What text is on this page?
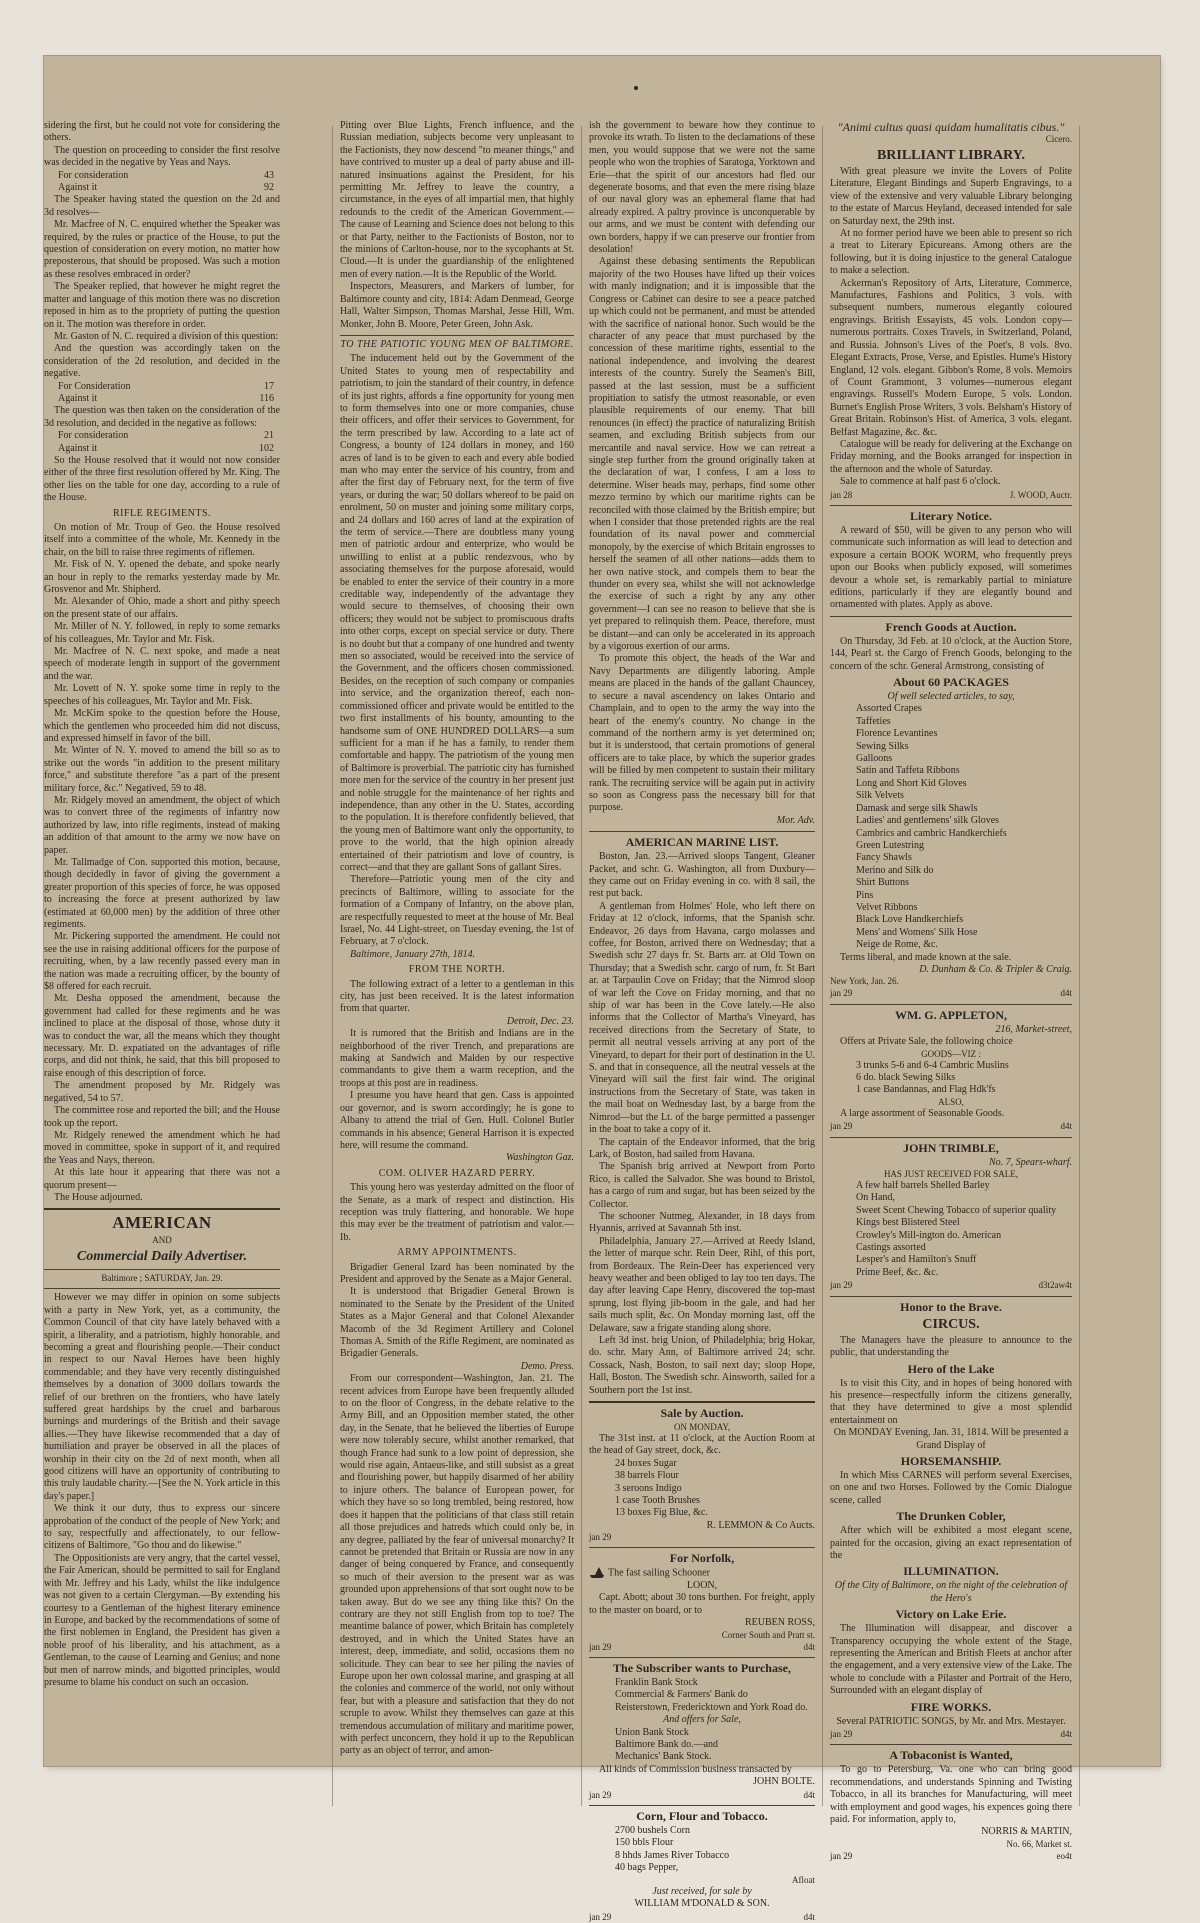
sidering the first, but he could not vote for considering the others.

The question on proceeding to consider the first resolve was decided in the negative by Yeas and Nays.

For consideration	43
Against it	92

The Speaker having stated the question on the 2d and 3d resolves—

Mr. Macfree of N. C. enquired whether the Speaker was required, by the rules or practice of the House, to put the question of consideration on every motion, no matter how preposterous, that should be proposed. Was such a motion as these resolves embraced in order?

The Speaker replied, that however he might regret the matter and language of this motion there was no discretion reposed in him as to the propriety of putting the question on it. The motion was therefore in order.

Mr. Gaston of N. C. required a division of this question:

And the question was accordingly taken on the consideration of the 2d resolution, and decided in the negative.

For Consideration	17
Against it	116

The question was then taken on the consideration of the 3d resolution, and decided in the negative as follows:

For consideration	21
Against it	102

So the House resolved that it would not now consider either of the three first resolution offered by Mr. King. The other lies on the table for one day, according to a rule of the House.

RIFLE REGIMENTS.

On motion of Mr. Troup of Geo. the House resolved itself into a committee of the whole, Mr. Kennedy in the chair, on the bill to raise three regiments of riflemen.

Mr. Fisk of N. Y. opened the debate, and spoke nearly an hour in reply to the remarks yesterday made by Mr. Grosvenor and Mr. Shipherd.

Mr. Alexander of Ohio, made a short and pithy speech on the present state of our affairs.

Mr. Miller of N. Y. followed, in reply to some remarks of his colleagues, Mr. Taylor and Mr. Fisk.

Mr. Macfree of N. C. next spoke, and made a neat speech of moderate length in support of the government and the war.

Mr. Lovett of N. Y. spoke some time in reply to the speeches of his colleagues, Mr. Taylor and Mr. Fisk.

Mr. McKim spoke to the question before the House, which the gentlemen who proceeded him did not discuss, and expressed himself in favor of the bill.

Mr. Winter of N. Y. moved to amend the bill so as to strike out the words "in addition to the present military force," and substitute therefore "as a part of the present military force, &c." Negatived, 59 to 48.

Mr. Ridgely moved an amendment, the object of which was to convert three of the regiments of infantry now authorized by law, into rifle regiments, instead of making an addition of that amount to the army we now have on paper.

Mr. Tallmadge of Con. supported this motion, because, though decidedly in favor of giving the government a greater proportion of this species of force, he was opposed to increasing the force at present authorized by law (estimated at 60,000 men) by the addition of three other regiments.

Mr. Pickering supported the amendment. He could not see the use in raising additional officers for the purpose of recruiting, when, by a law recently passed every man in the nation was made a recruiting officer, by the bounty of $8 offered for each recruit.

Mr. Desha opposed the amendment, because the government had called for these regiments and he was inclined to place at the disposal of those, whose duty it was to conduct the war, all the means which they thought necessary. Mr. D. expatiated on the advantages of rifle corps, and did not think, he said, that this bill proposed to raise enough of this description of force.

The amendment proposed by Mr. Ridgely was negatived, 54 to 57.

The committee rose and reported the bill; and the House took up the report.

Mr. Ridgely renewed the amendment which he had moved in committee, spoke in support of it, and required the Yeas and Nays, thereon.

At this late hour it appearing that there was not a quorum present—

The House adjourned.

AMERICAN
AND
Commercial Daily Advertiser.
Baltimore ; SATURDAY, Jan. 29.

However we may differ in opinion on some subjects with a party in New York, yet, as a community, the Common Council of that city have lately behaved with a spirit, a liberality, and a patriotism, highly honorable, and becoming a great and flourishing people.—Their conduct in respect to our Naval Heroes have been highly commendable; and they have very recently distinguished themselves by a donation of 3000 dollars towards the relief of our brethren on the frontiers, who have lately suffered great hardships by the cruel and barbarous burnings and murderings of the British and their savage allies.—They have likewise recommended that a day of humiliation and prayer be observed in all the places of worship in their city on the 2d of next month, when all good citizens will have an opportunity of contributing to this truly laudable charity.—[See the N. York article in this day's paper.]

We think it our duty, thus to express our sincere approbation of the conduct of the people of New York; and to say, respectfully and affectionately, to our fellow-citizens of Baltimore, "Go thou and do likewise."

The Oppositionists are very angry, that the cartel vessel, the Fair American, should be permitted to sail for England with Mr. Jeffrey and his Lady, whilst the like indulgence was not given to a certain Clergyman.—By extending his courtesy to a Gentleman of the highest literary eminence in Europe, and backed by the recommendations of some of the first noblemen in England, the President has given a noble proof of his liberality, and his attachment, as a Gentleman, to the cause of Learning and Genius; and none but men of narrow minds, and bigotted principles, would presume to blame his conduct on such an occasion.

Pitting over Blue Lights, French influence, and the Russian mediation, subjects become very unpleasant to the Factionists, they now descend "to meaner things," and have contrived to muster up a deal of party abuse and ill-natured insinuations against the President, for his permitting Mr. Jeffrey to leave the country, a circumstance, in the eyes of all impartial men, that highly redounds to the credit of the American Government.—The cause of Learning and Science does not belong to this or that Party, neither to the Factionists of Boston, nor to the minions of Carlton-house, nor to the sycophants at St. Cloud.—It is under the guardianship of the enlightened men of every nation.—It is the Republic of the World.

Inspectors, Measurers, and Markers of lumber, for Baltimore county and city, 1814: Adam Denmead, George Hall, Walter Simpson, Thomas Marshal, Jesse Hill, Wm. Monker, John B. Moore, Peter Green, John Ask.

TO THE PATIOTIC YOUNG MEN OF BALTIMORE.

The inducement held out by the Government of the United States to young men of respectability and patriotism, to join the standard of their country, in defence of its just rights, affords a fine opportunity for young men to form themselves into one or more companies, chuse their officers, and offer their services to Government, for the term prescribed by law. According to a late act of Congress, a bounty of 124 dollars in money, and 160 acres of land is to be given to each and every able bodied man who may enter the service of his country, from and after the first day of February next, for the term of five years, or during the war; 50 dollars whereof to be paid on enrolment, 50 on muster and joining some military corps, and 24 dollars and 160 acres of land at the expiration of the term of service.—There are doubtless many young men of patriotic ardour and enterprize, who would be unwilling to enlist at a public rendezvous, who by associating themselves for the purpose aforesaid, would be enabled to enter the service of their country in a more creditable way, independently of the advantage they would secure to themselves, of choosing their own officers; they would not be subject to promiscuous drafts into other corps, except on special service or duty. There is no doubt but that a company of one hundred and twenty men so associated, would be received into the service of the Government, and the officers chosen commissioned. Besides, on the reception of such company or companies into service, and the organization thereof, each non-commissioned officer and private would be entitled to the two first installments of his bounty, amounting to the handsome sum of ONE HUNDRED DOLLARS—a sum sufficient for a man if he has a family, to render them comfortable and happy. The patriotism of the young men of Baltimore is proverbial. The patriotic city has furnished more men for the service of the country in her present just and noble struggle for the maintenance of her rights and independence, than any other in the U. States, according to the population. It is therefore confidently believed, that the young men of Baltimore want only the opportunity, to prove to the world, that the high opinion already entertained of their patriotism and love of country, is correct—and that they are gallant Sons of gallant Sires.

Therefore—Patriotic young men of the city and precincts of Baltimore, willing to associate for the formation of a Company of Infantry, on the above plan, are respectfully requested to meet at the house of Mr. Beal Israel, No. 44 Light-street, on Tuesday evening, the 1st of February, at 7 o'clock.

Baltimore, January 27th, 1814.

FROM THE NORTH.

The following extract of a letter to a gentleman in this city, has just been received. It is the latest information from that quarter.

Detroit, Dec. 23.

It is rumored that the British and Indians are in the neighborhood of the river Trench, and preparations are making at Sandwich and Malden by our respective commandants to give them a warm reception, and the troops at this post are in readiness.

I presume you have heard that gen. Cass is appointed our governor, and is sworn accordingly; he is gone to Albany to attend the trial of Gen. Hull. Colonel Butler commands in his absence; General Harrison it is expected here, will resume the command.

Washington Gaz.

COM. OLIVER HAZARD PERRY.

This young hero was yesterday admitted on the floor of the Senate, as a mark of respect and distinction. His reception was truly flattering, and honorable. We hope this may ever be the treatment of patriotism and valor.—Ib.

ARMY APPOINTMENTS.

Brigadier General Izard has been nominated by the President and approved by the Senate as a Major General.

It is understood that Brigadier General Brown is nominated to the Senate by the President of the United States as a Major General and that Colonel Alexander Macomb of the 3d Regiment Artillery and Colonel Thomas A. Smith of the Rifle Regiment, are nominated as Brigadier Generals.

Demo. Press.

From our correspondent—Washington, Jan. 21. The recent advices from Europe have been frequently alluded to on the floor of Congress, in the debate relative to the Army Bill, and an Opposition member stated, the other day, in the Senate, that he believed the liberties of Europe were now tolerably secure, whilst another remarked, that though France had sunk to a low point of depression, she would rise again, Antaeus-like, and still subsist as a great and flourishing power, but happily disarmed of her ability to injure others. The balance of European power, for which they have so so long trembled, being restored, how does it happen that the politicians of that class still retain all those prejudices and hatreds which could only be, in any degree, palliated by the fear of universal monarchy? It cannot be pretended that Britain or Russia are now in any danger of being conquered by France, and consequently so much of their aversion to the present war as was grounded upon apprehensions of that sort ought now to be taken away. But do we see any thing like this? On the contrary are they not still English from top to toe? The meantime balance of power, which Britain has completely destroyed, and in which the United States have an interest, deep, immediate, and solid, occasions them no solicitude. They can bear to see her piling the navies of Europe upon her own colossal marine, and grasping at all the colonies and commerce of the world, not only without fear, but with a pleasure and satisfaction that they do not scruple to avow. Whilst they themselves can gaze at this tremendous accumulation of military and maritime power, with perfect unconcern, they hold it up to the Republican party as an object of terror, and amon-

ish the government to beware how they continue to provoke its wrath. To listen to the declamations of these men, you would suppose that we were not the same people who won the trophies of Saratoga, Yorktown and Erie—that the spirit of our ancestors had fled our degenerate bosoms, and that even the mere rising blaze of our naval glory was an ephemeral flame that had already expired. A paltry province is unconquerable by our arms, and we must be content with defending our own borders, happy if we can preserve our frontier from desolation!

Against these debasing sentiments the Republican majority of the two Houses have lifted up their voices with manly indignation; and it is impossible that the Congress or Cabinet can desire to see a peace patched up which could not be permanent, and must be attended with the sacrifice of national honor. Such would be the character of any peace that must purchased by the concession of these maritime rights, essential to the national independence, and involving the dearest interests of the country. Surely the Seamen's Bill, passed at the last session, must be a sufficient propitiation to satisfy the utmost reasonable, or even plausible requirements of our enemy. That bill renounces (in effect) the practice of naturalizing British seamen, and excluding British subjects from our mercantile and naval service. How we can retreat a single step further from the ground originally taken at the declaration of war, I confess, I am a loss to determine. Wiser heads may, perhaps, find some other mezzo termino by which our maritime rights can be reconciled with those claimed by the British empire; but when I consider that those pretended rights are the real foundation of its naval power and commercial monopoly, by the exercise of which Britain engrosses to herself the seamen of all other nations—adds them to her own native stock, and compels them to bear the thunder on every sea, whilst she will not acknowledge the exercise of such a right by any any other government—I can see no reason to believe that she is yet prepared to relinquish them. Peace, therefore, must be distant—and can only be accelerated in its approach by a vigorous exertion of our arms.

To promote this object, the heads of the War and Navy Departments are diligently laboring. Ample means are placed in the hands of the gallant Chauncey, to secure a naval ascendency on lakes Ontario and Champlain, and to open to the army the way into the heart of the enemy's country. No change in the command of the northern army is yet determined on; but it is understood, that certain promotions of general officers are to take place, by which the superior grades will be filled by men competent to sustain their military rank. The recruiting service will be again put in activity so soon as Congress pass the necessary bill for that purpose.

Mor. Adv.

AMERICAN MARINE LIST.

Boston, Jan. 23.—Arrived sloops Tangent, Gleaner Packet, and schr. G. Washington, all from Duxbury—they came out on Friday evening in co. with 8 sail, the rest put back.

A gentleman from Holmes' Hole, who left there on Friday at 12 o'clock, informs, that the Spanish schr. Endeavor, 26 days from Havana, cargo molasses and coffee, for Boston, arrived there on Wednesday; that a Swedish schr 27 days fr. St. Barts arr. at Old Town on Thursday; that a Swedish schr. cargo of rum, fr. St Bart ar. at Tarpaulin Cove on Friday; that the Nimrod sloop of war left the Cove on Friday morning, and that no ship of war has been in the Cove lately.—He also informs that the Collector of Martha's Vineyard, has received directions from the Secretary of State, to permit all neutral vessels arriving at any port of the Vineyard, to depart for their port of destination in the U. S. and that in consequence, all the neutral vessels at the Vineyard will sail the first fair wind. The original instructions from the Secretary of State, was taken in the mail boat on Wednesday last, by a barge from the Nimrod—but the Lt. of the barge permitted a passenger in the boat to take a copy of it.

The captain of the Endeavor informed, that the brig Lark, of Boston, had sailed from Havana.

The Spanish brig arrived at Newport from Porto Rico, is called the Salvador. She was bound to Bristol, has a cargo of rum and sugar, but has been seized by the Collector.

The schooner Nutmeg, Alexander, in 18 days from Hyannis, arrived at Savannah 5th inst.

Philadelphia, January 27.—Arrived at Reedy Island, the letter of marque schr. Rein Deer, Rihl, of this port, from Bordeaux. The Rein-Deer has experienced very heavy weather and been obliged to lay too ten days. The day after leaving Cape Henry, discovered the top-mast sprung, lost flying jib-boom in the gale, and had her sails much split, &c. On Monday morning last, off the Delaware, saw a frigate standing along shore.

Left 3d inst. brig Union, of Philadelphia; brig Hokar, do. schr. Mary Ann, of Baltimore arrived 24; schr. Cossack, Nash, Boston, to sail next day; sloop Hope, Hall, Boston. The Swedish schr. Ainsworth, sailed for a Southern port the 1st inst.

Sale by Auction.
ON MONDAY,

The 31st inst. at 11 o'clock, at the Auction Room at the head of Gay street, dock, &c.

24 boxes Sugar
38 barrels Flour
3 seroons Indigo
1 case Tooth Brushes
13 boxes Fig Blue, &c.

R. LEMMON & Co Aucts.

jan 29

For Norfolk,

The fast sailing Schooner

LOON,

Capt. Abott; about 30 tons burthen. For freight, apply to the master on board, or to

REUBEN ROSS,

Corner South and Pratt st.

jan 29	d4t
The Subscriber wants to Purchase,
Franklin Bank Stock
Commercial & Farmers' Bank do
Reisterstown, Fredericktown and York Road do.
And offers for Sale,
Union Bank Stock
Baltimore Bank do.—and
Mechanics' Bank Stock.

All kinds of Commission business transacted by

JOHN BOLTE.

jan 29	d4t
Corn, Flour and Tobacco.
2700 bushels Corn
150 bbls Flour
8 hhds James River Tobacco
40 bags Pepper,
Afloat

Just received, for sale by

WILLIAM M'DONALD & SON.

jan 29	d4t
"Animi cultus quasi quidam humalitatis cibus."
Cicero.
BRILLIANT LIBRARY.

With great pleasure we invite the Lovers of Polite Literature, Elegant Bindings and Superb Engravings, to a view of the extensive and very valuable Library belonging to the estate of Marcus Heyland, deceased intended for sale on Saturday next, the 29th inst.

At no former period have we been able to present so rich a treat to Literary Epicureans. Among others are the following, but it is doing injustice to the general Catalogue to make a selection.

Ackerman's Repository of Arts, Literature, Commerce, Manufactures, Fashions and Politics, 3 vols. with subsequent numbers, numerous elegantly coloured engravings. British Essayists, 45 vols. London copy—numerous portraits. Coxes Travels, in Switzerland, Poland, and Russia. Johnson's Lives of the Poet's, 8 vols. 8vo. Elegant Extracts, Prose, Verse, and Epistles. Hume's History England, 12 vols. elegant. Gibbon's Rome, 8 vols. Memoirs of Count Grammont, 3 volumes—numerous elegant engravings. Russell's Modern Europe, 5 vols. London. Burnet's English Prose Writers, 3 vols. Belsham's History of Great Britain. Robinson's Hist. of America, 3 vols. elegant. Belfast Magazine, &c. &c.

Catalogue will be ready for delivering at the Exchange on Friday morning, and the Books arranged for inspection in the afternoon and the whole of Saturday.

Sale to commence at half past 6 o'clock.

jan 28	J. WOOD, Auctr.
Literary Notice.

A reward of $50, will be given to any person who will communicate such information as will lead to detection and exposure a certain BOOK WORM, who frequently preys upon our Books when publicly exposed, will sometimes devour a whole set, is remarkably partial to miniature editions, particularly if they are elegantly bound and ornamented with plates. Apply as above.

French Goods at Auction.

On Thursday, 3d Feb. at 10 o'clock, at the Auction Store, 144, Pearl st. the Cargo of French Goods, belonging to the concern of the schr. General Armstrong, consisting of

About 60 PACKAGES

Of well selected articles, to say,

Assorted Crapes
Taffeties
Florence Levantines
Sewing Silks
Galloons
Satin and Taffeta Ribbons
Long and Short Kid Gloves
Silk Velvets
Damask and serge silk Shawls
Ladies' and gentlemens' silk Gloves
Cambrics and cambric Handkerchiefs
Green Lutestring
Fancy Shawls
Merino and Silk do
Shirt Buttons
Pins
Velvet Ribbons
Black Love Handkerchiefs
Mens' and Womens' Silk Hose
Neige de Rome, &c.

Terms liberal, and made known at the sale.

D. Dunham & Co. & Tripler & Craig.

New York, Jan. 26.

jan 29	d4t
WM. G. APPLETON,

216, Market-street,

Offers at Private Sale, the following choice

GOODS—VIZ :
3 trunks 5-6 and 6-4 Cambric Muslins
6 do. black Sewing Silks
1 case Bandannas, and Flag Hdk'fs
ALSO,

A large assortment of Seasonable Goods.

jan 29	d4t
JOHN TRIMBLE,

No. 7, Spears-wharf.

HAS JUST RECEIVED FOR SALE,
A few half barrels Shelled Barley
On Hand,
Sweet Scent Chewing Tobacco of superior quality
Kings best Blistered Steel
Crowley's Mill-ington do. American
Castings assorted
Lesper's and Hamilton's Snuff
Prime Beef, &c. &c.
jan 29	d3t2aw4t
Honor to the Brave.
CIRCUS.

The Managers have the pleasure to announce to the public, that understanding the

Hero of the Lake

Is to visit this City, and in hopes of being honored with his presence—respectfully inform the citizens generally, that they have determined to give a most splendid entertainment on

On MONDAY Evening, Jan. 31, 1814. Will be presented a Grand Display of

HORSEMANSHIP.

In which Miss CARNES will perform several Exercises, on one and two Horses. Followed by the Comic Dialogue scene, called

The Drunken Cobler,

After which will be exhibited a most elegant scene, painted for the occasion, giving an exact representation of the

ILLUMINATION.

Of the City of Baltimore, on the night of the celebration of the Hero's

Victory on Lake Erie.

The Illumination will disappear, and discover a Transparency occupying the whole extent of the Stage, representing the American and British Fleets at anchor after the engagement, and a very extensive view of the Lake. The whole to conclude with a Pilaster and Portrait of the Hero, Surrounded with an elegant display of

FIRE WORKS.

Several PATRIOTIC SONGS, by Mr. and Mrs. Mestayer.

jan 29	d4t
A Tobaconist is Wanted,

To go to Petersburg, Va. one who can bring good recommendations, and understands Spinning and Twisting Tobacco, in all its branches for Manufacturing, will meet with employment and good wages, his expences going there paid. For information, apply to,

NORRIS & MARTIN,

No. 66, Market st.

jan 29	eo4t
